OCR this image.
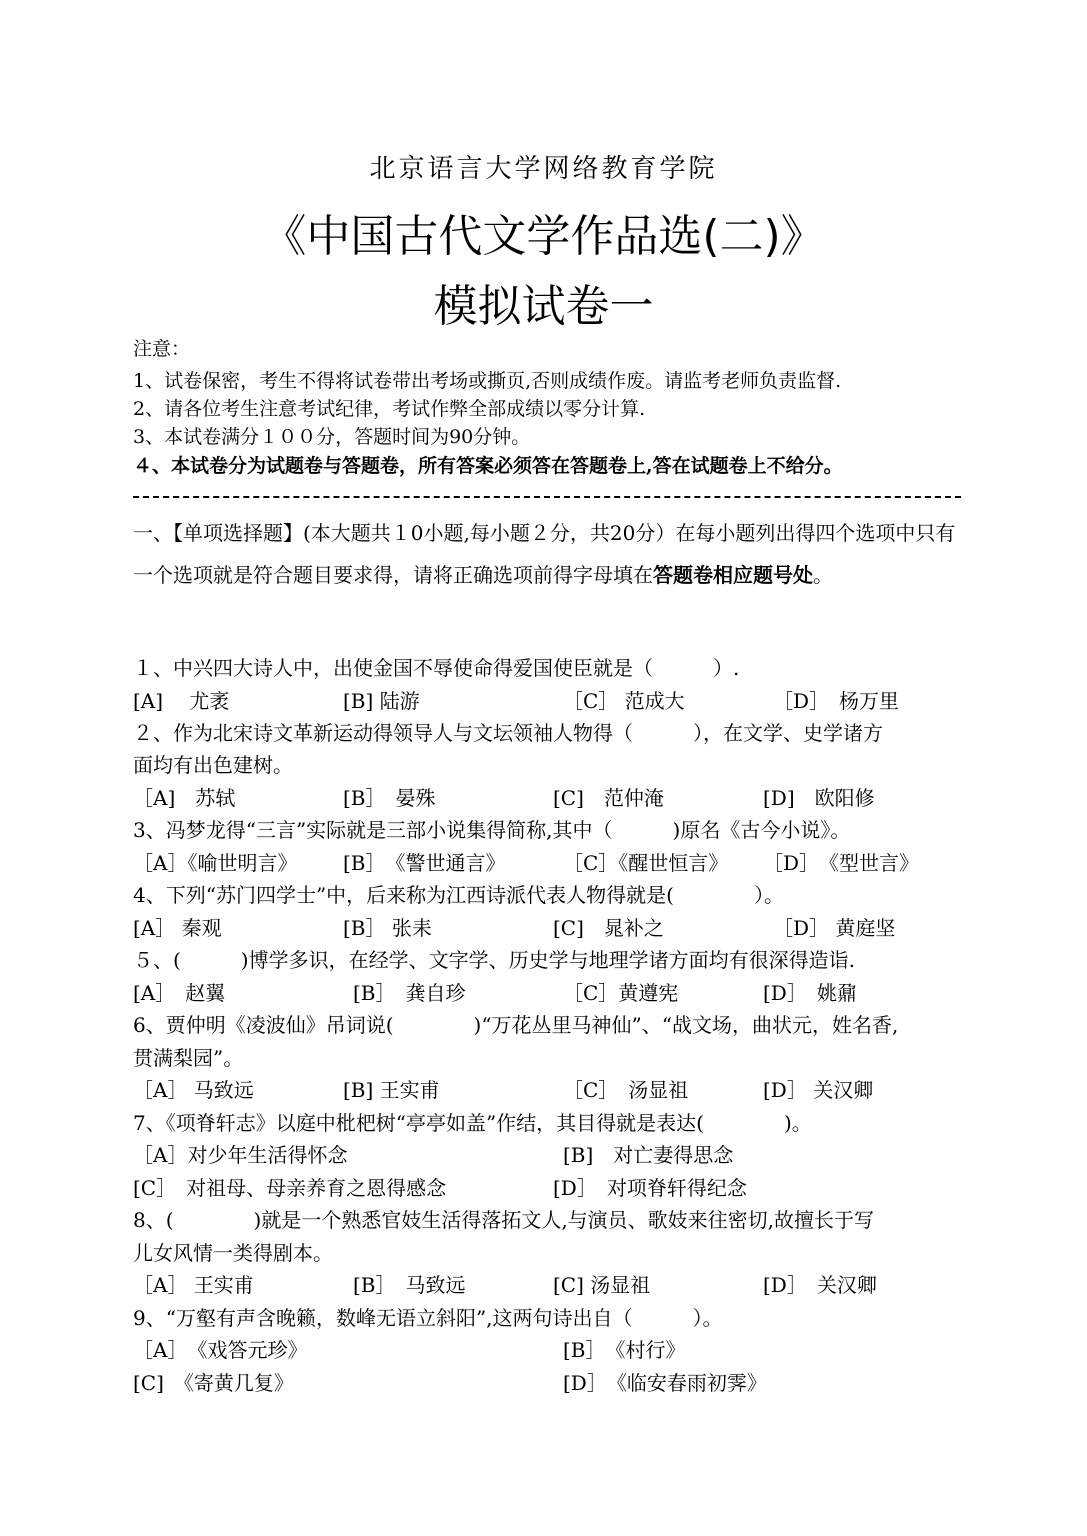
北京语言大学网络教育学院
《中国古代文学作品选(二)》
模拟试卷一
注意：
1、试卷保密，考生不得将试卷带出考场或撕页,否则成绩作废。请监考老师负责监督.
2、请各位考生注意考试纪律，考试作弊全部成绩以零分计算.
3、本试卷满分１００分，答题时间为90分钟。
４、本试卷分为试题卷与答题卷，所有答案必须答在答题卷上,答在试题卷上不给分。
一、【单项选择题】(本大题共１0小题,每小题２分，共20分）在每小题列出得四个选项中只有一个选项就是符合题目要求得，请将正确选项前得字母填在答题卷相应题号处。
１、中兴四大诗人中，出使金国不辱使命得爱国使臣就是（　　　）.
[A]　 尤袤	[B] 陆游	［C］ 范成大	［D］　杨万里
２、作为北宋诗文革新运动得领导人与文坛领袖人物得（　　　），在文学、史学诸方
面均有出色建树。
［A]　苏轼	[B］　晏殊	[C]　范仲淹	[D]　欧阳修
3、冯梦龙得“三言”实际就是三部小说集得简称,其中（　　　)原名《古今小说》。
［A］《喻世明言》 [B］　《警世通言》	［C］《醒世恒言》 ［D］　《型世言》
4、下列“苏门四学士”中，后来称为江西诗派代表人物得就是(　　　　）。
[A］ 秦观	[B］ 张耒	[C]　晁补之	［D］ 黄庭坚
５、(　　　)博学多识，在经学、文字学、历史学与地理学诸方面均有很深得造诣.
[A］　赵翼	[B］　龚自珍	［C］黄遵宪	[D］　姚鼐
6、贾仲明《凌波仙》吊词说(　　　　)“万花丛里马神仙”、“战文场，曲状元，姓名香,
贯满梨园”。
［A］ 马致远	[B] 王实甫	［C］　汤显祖	[D］ 关汉卿
7、《项脊轩志》以庭中枇杷树“亭亭如盖”作结，其目得就是表达(　　　　)。
［A］对少年生活得怀念	[B]　对亡妻得思念
[C］　对祖母、母亲养育之恩得感念	[D］　对项脊轩得纪念
8、(　　　　)就是一个熟悉官妓生活得落拓文人,与演员、歌妓来往密切,故擅长于写
儿女风情一类得剧本。
［A］ 王实甫	[B］　马致远	[C] 汤显祖	[D］　关汉卿
9、“万壑有声含晚籁，数峰无语立斜阳”,这两句诗出自（　　　）。
［A］　《戏答元珍》	[B］　《村行》
[C]　《寄黄几复》	[D］　《临安春雨初霁》
